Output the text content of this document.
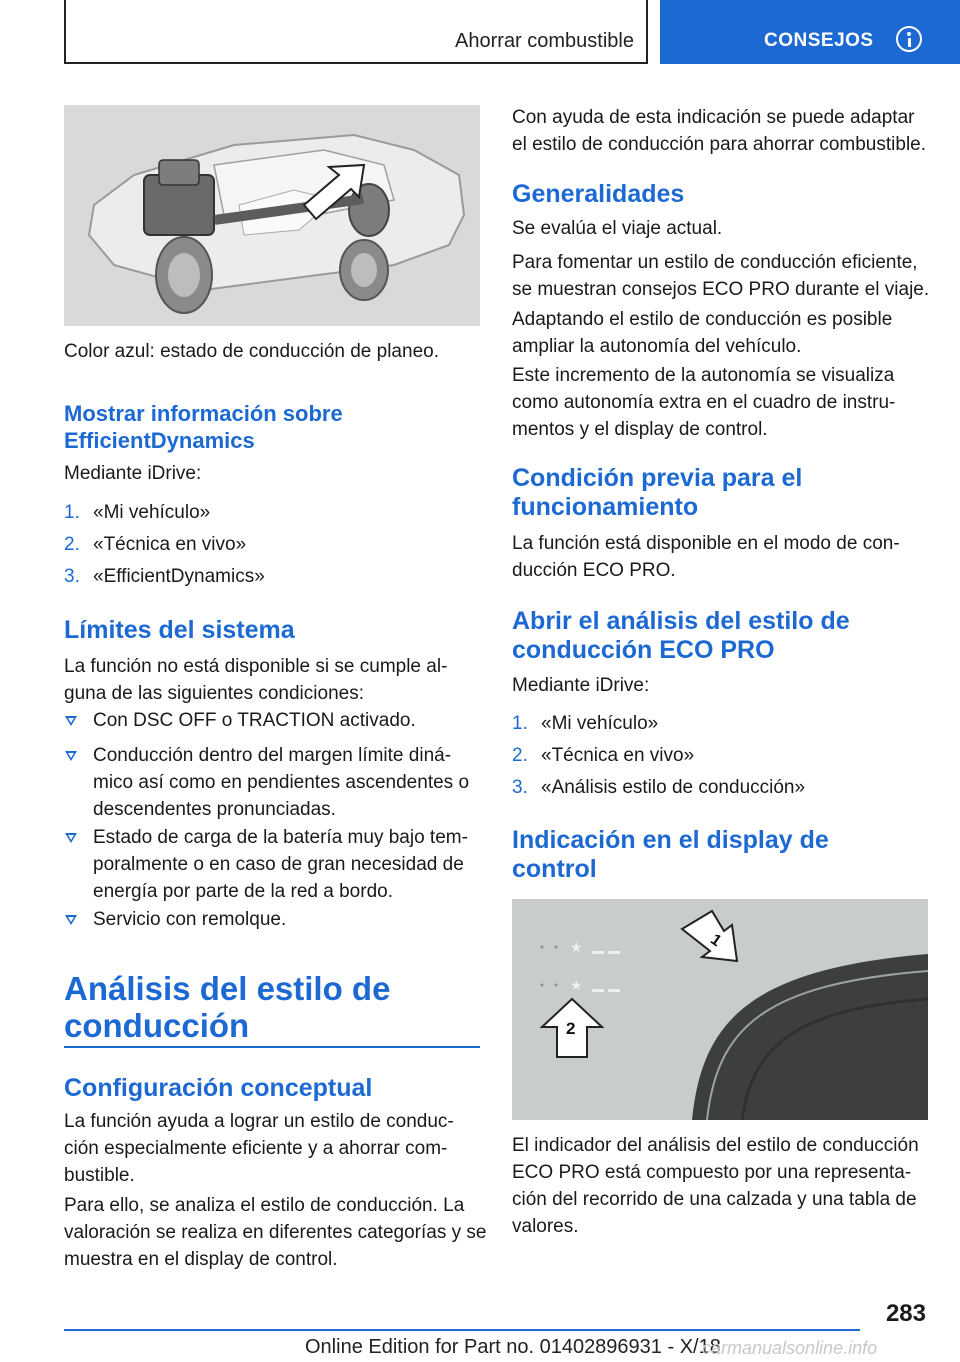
Ahorrar combustible	CONSEJOS

Color azul: estado de conducción de planeo.

Mostrar información sobre
EfficientDynamics

Mediante iDrive:

1. «Mi vehículo»

2. «Técnica en vivo»

3. «EfficientDynamics»

Límites del sistema

La función no está disponible si se cumple al-
guna de las siguientes condiciones:

Con DSC OFF o TRACTION activado.

Conducción dentro del margen límite diná-
mico así como en pendientes ascendentes o
descendentes pronunciadas.

Estado de carga de la batería muy bajo tem-
poralmente o en caso de gran necesidad de
energía por parte de la red a bordo.

Servicio con remolque.

Análisis del estilo de
conducción
Configuración conceptual

La función ayuda a lograr un estilo de conduc-
ción especialmente eficiente y a ahorrar com-
bustible.

Para ello, se analiza el estilo de conducción. La
valoración se realiza en diferentes categorías y se
muestra en el display de control.

Con ayuda de esta indicación se puede adaptar
el estilo de conducción para ahorrar combustible.

Generalidades

Se evalúa el viaje actual.

Para fomentar un estilo de conducción eficiente,
se muestran consejos ECO PRO durante el viaje.

Adaptando el estilo de conducción es posible
ampliar la autonomía del vehículo.

Este incremento de la autonomía se visualiza
como autonomía extra en el cuadro de instru-
mentos y el display de control.

Condición previa para el
funcionamiento

La función está disponible en el modo de con-
ducción ECO PRO.

Abrir el análisis del estilo de
conducción ECO PRO

Mediante iDrive:

1. «Mi vehículo»

2. «Técnica en vivo»

3. «Análisis estilo de conducción»

Indicación en el display de
control
★
★
1
2

El indicador del análisis del estilo de conducción
ECO PRO está compuesto por una representa-
ción del recorrido de una calzada y una tabla de
valores.

283
Online Edition for Part no. 01402896931 - X/18
carmanualsonline.info
